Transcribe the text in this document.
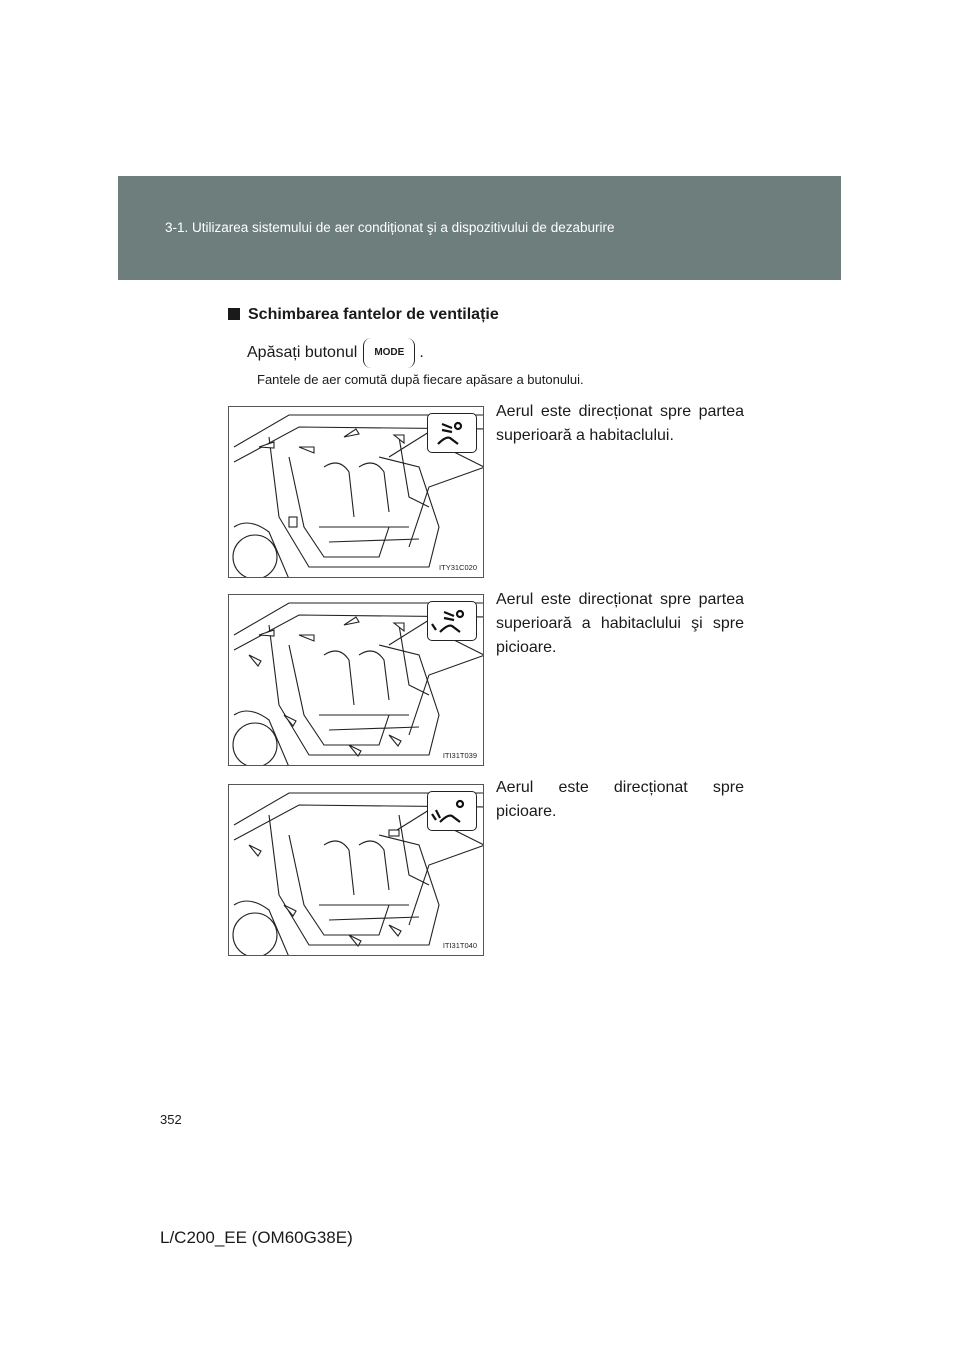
3-1. Utilizarea sistemului de aer condiționat şi a dispozitivului de dezaburire
Schimbarea fantelor de ventilație
Apăsați butonul	MODE .
Fantele de aer comută după fiecare apăsare a butonului.
ITY31C020
Aerul este direcționat spre partea superioară a habitaclului.
ITI31T039
Aerul este direcționat spre partea superioară a habitaclului şi spre picioare.
ITI31T040
Aerul este direcționat spre picioare.
352
L/C200_EE (OM60G38E)
